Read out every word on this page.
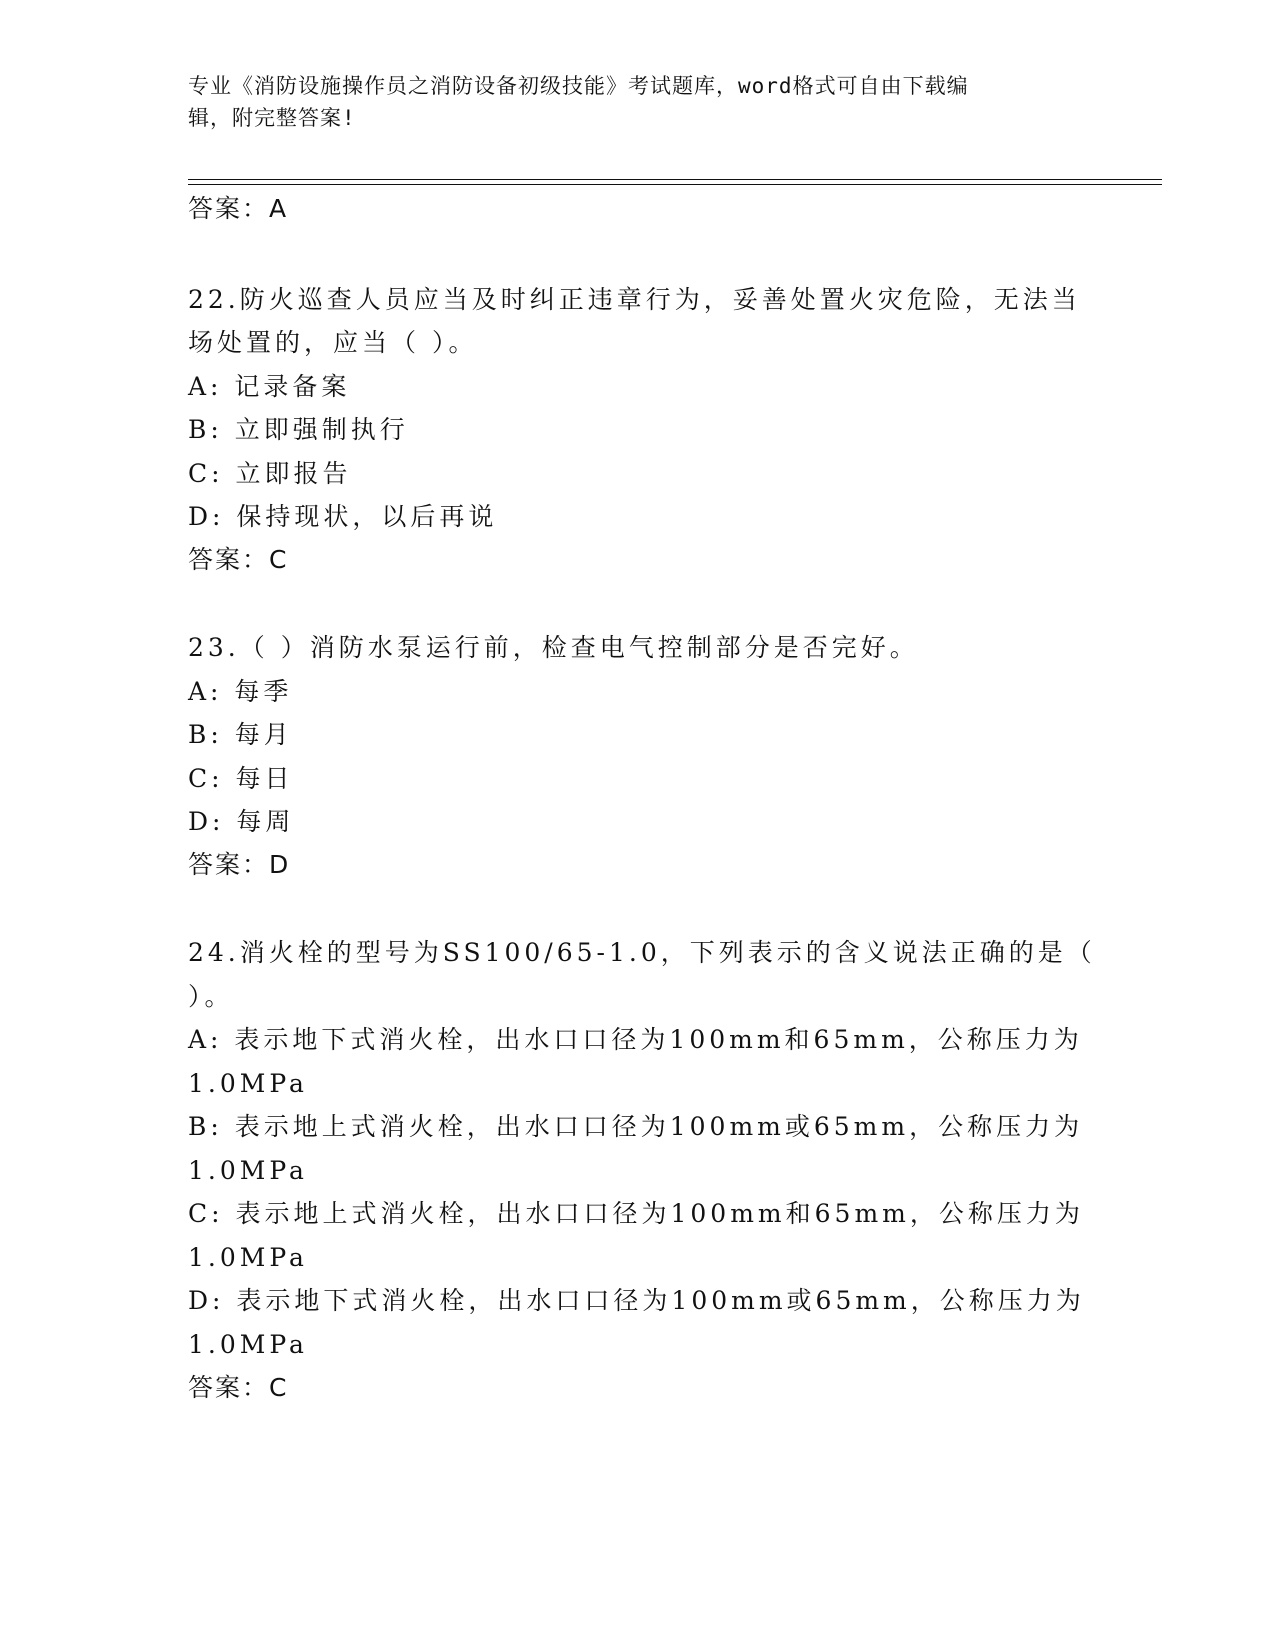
专业《消防设施操作员之消防设备初级技能》考试题库，word格式可自由下载编
辑，附完整答案!
答案：A
22.防火巡查人员应当及时纠正违章行为，妥善处置火灾危险，无法当
场处置的，应当（ ）。
A: 记录备案
B: 立即强制执行
C: 立即报告
D: 保持现状，以后再说
答案：C
23.（ ）消防水泵运行前，检查电气控制部分是否完好。
A: 每季
B: 每月
C: 每日
D: 每周
答案：D
24.消火栓的型号为SS100/65-1.0，下列表示的含义说法正确的是（
）。
A: 表示地下式消火栓，出水口口径为100mm和65mm，公称压力为
1.0MPa
B: 表示地上式消火栓，出水口口径为100mm或65mm，公称压力为
1.0MPa
C: 表示地上式消火栓，出水口口径为100mm和65mm，公称压力为
1.0MPa
D: 表示地下式消火栓，出水口口径为100mm或65mm，公称压力为
1.0MPa
答案：C
